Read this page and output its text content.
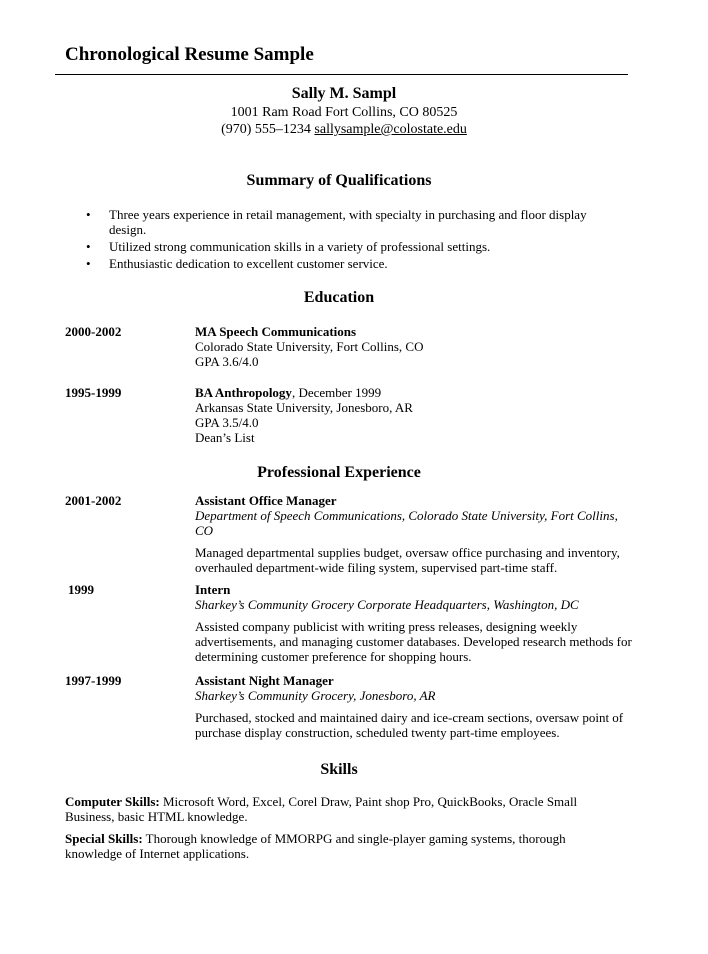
Chronological Resume Sample
Sally M. Sampl
1001 Ram Road Fort Collins, CO 80525
(970) 555–1234 sallysample@colostate.edu
Summary of Qualifications
• Three years experience in retail management, with specialty in purchasing and floor display design.
• Utilized strong communication skills in a variety of professional settings.
• Enthusiastic dedication to excellent customer service.
Education
2000-2002	MA Speech Communications
Colorado State University, Fort Collins, CO
GPA 3.6/4.0
1995-1999	BA Anthropology, December 1999
Arkansas State University, Jonesboro, AR
GPA 3.5/4.0
Dean’s List
Professional Experience
2001-2002	Assistant Office Manager
Department of Speech Communications, Colorado State University, Fort Collins, CO
Managed departmental supplies budget, oversaw office purchasing and inventory, overhauled department-wide filing system, supervised part-time staff.
1999	Intern
Sharkey’s Community Grocery Corporate Headquarters, Washington, DC
Assisted company publicist with writing press releases, designing weekly advertisements, and managing customer databases. Developed research methods for determining customer preference for shopping hours.
1997-1999	Assistant Night Manager
Sharkey’s Community Grocery, Jonesboro, AR
Purchased, stocked and maintained dairy and ice-cream sections, oversaw point of purchase display construction, scheduled twenty part-time employees.
Skills
Computer Skills: Microsoft Word, Excel, Corel Draw, Paint shop Pro, QuickBooks, Oracle Small Business, basic HTML knowledge.
Special Skills: Thorough knowledge of MMORPG and single-player gaming systems, thorough knowledge of Internet applications.
